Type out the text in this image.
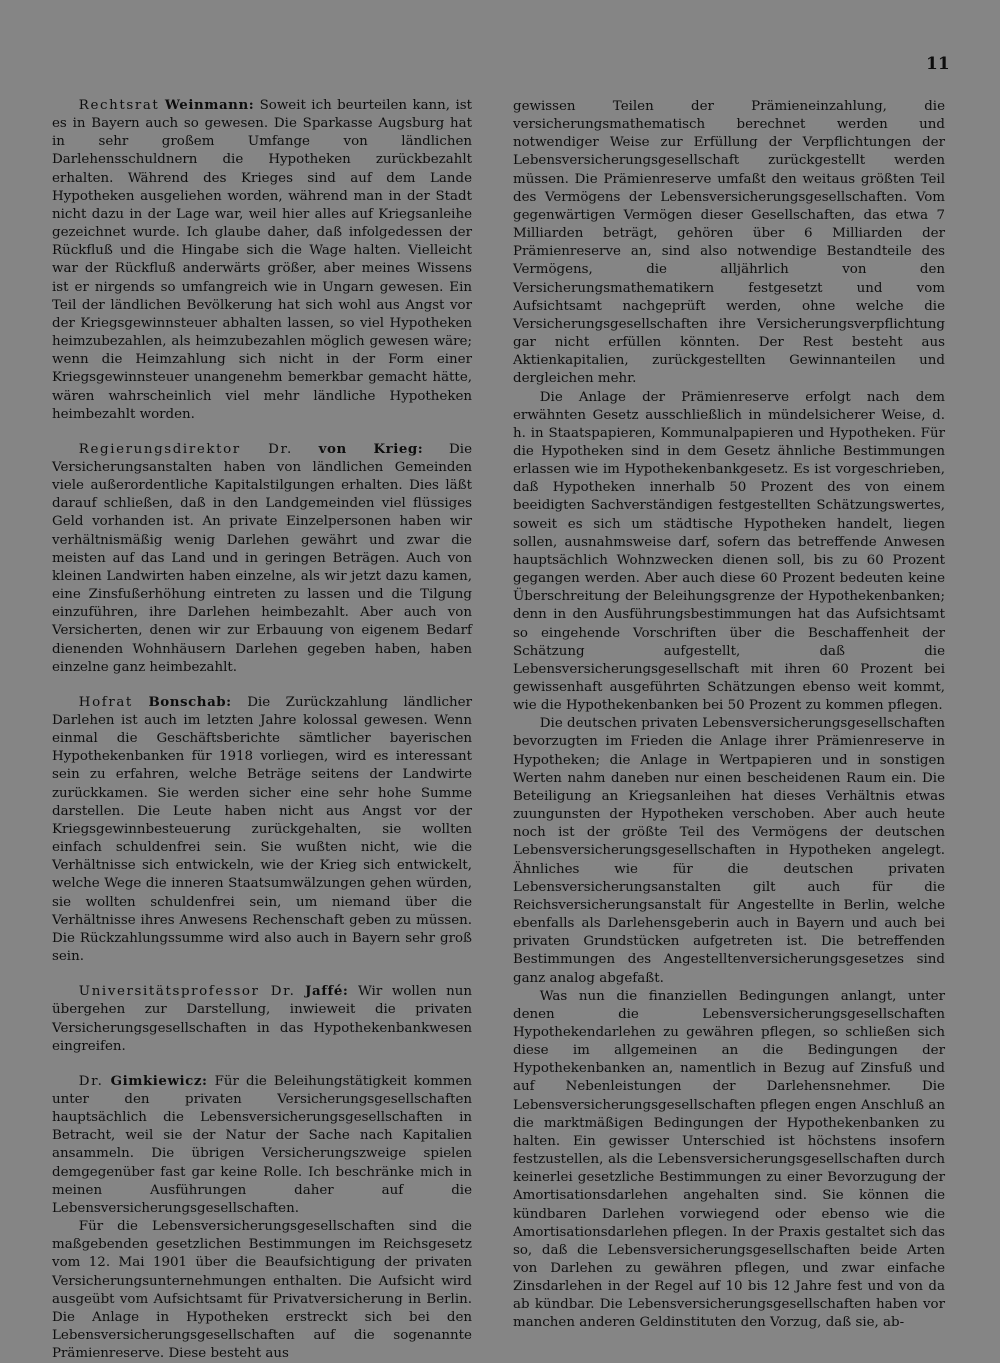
11

Rechtsrat Weinmann: Soweit ich beurteilen kann, ist es in Bayern auch so gewesen. Die Sparkasse Augsburg hat in sehr großem Umfange von ländlichen Darlehensschuldnern die Hypotheken zurückbezahlt erhalten. Während des Krieges sind auf dem Lande Hypotheken ausgeliehen worden, während man in der Stadt nicht dazu in der Lage war, weil hier alles auf Kriegsanleihe gezeichnet wurde. Ich glaube daher, daß infolgedessen der Rückfluß und die Hingabe sich die Wage halten. Vielleicht war der Rückfluß anderwärts größer, aber meines Wissens ist er nirgends so umfangreich wie in Ungarn gewesen. Ein Teil der ländlichen Bevölkerung hat sich wohl aus Angst vor der Kriegsgewinnsteuer abhalten lassen, so viel Hypotheken heimzubezahlen, als heimzubezahlen möglich gewesen wäre; wenn die Heimzahlung sich nicht in der Form einer Kriegsgewinnsteuer unangenehm bemerkbar gemacht hätte, wären wahrscheinlich viel mehr ländliche Hypotheken heimbezahlt worden.

Regierungsdirektor Dr. von Krieg: Die Versicherungsanstalten haben von ländlichen Gemeinden viele außerordentliche Kapitalstilgungen erhalten. Dies läßt darauf schließen, daß in den Landgemeinden viel flüssiges Geld vorhanden ist. An private Einzelpersonen haben wir verhältnismäßig wenig Darlehen gewährt und zwar die meisten auf das Land und in geringen Beträgen. Auch von kleinen Landwirten haben einzelne, als wir jetzt dazu kamen, eine Zinsfußerhöhung eintreten zu lassen und die Tilgung einzuführen, ihre Darlehen heimbezahlt. Aber auch von Versicherten, denen wir zur Erbauung von eigenem Bedarf dienenden Wohnhäusern Darlehen gegeben haben, haben einzelne ganz heimbezahlt.

Hofrat Bonschab: Die Zurückzahlung ländlicher Darlehen ist auch im letzten Jahre kolossal gewesen. Wenn einmal die Geschäftsberichte sämtlicher bayerischen Hypothekenbanken für 1918 vorliegen, wird es interessant sein zu erfahren, welche Beträge seitens der Landwirte zurückkamen. Sie werden sicher eine sehr hohe Summe darstellen. Die Leute haben nicht aus Angst vor der Kriegsgewinnbesteuerung zurückgehalten, sie wollten einfach schuldenfrei sein. Sie wußten nicht, wie die Verhältnisse sich entwickeln, wie der Krieg sich entwickelt, welche Wege die inneren Staatsumwälzungen gehen würden, sie wollten schuldenfrei sein, um niemand über die Verhältnisse ihres Anwesens Rechenschaft geben zu müssen. Die Rückzahlungssumme wird also auch in Bayern sehr groß sein.

Universitätsprofessor Dr. Jaffé: Wir wollen nun übergehen zur Darstellung, inwieweit die privaten Versicherungsgesellschaften in das Hypothekenbankwesen eingreifen.

Dr. Gimkiewicz: Für die Beleihungstätigkeit kommen unter den privaten Versicherungsgesellschaften hauptsächlich die Lebensversicherungsgesellschaften in Betracht, weil sie der Natur der Sache nach Kapitalien ansammeln. Die übrigen Versicherungszweige spielen demgegenüber fast gar keine Rolle. Ich beschränke mich in meinen Ausführungen daher auf die Lebensversicherungsgesellschaften.

Für die Lebensversicherungsgesellschaften sind die maßgebenden gesetzlichen Bestimmungen im Reichsgesetz vom 12. Mai 1901 über die Beaufsichtigung der privaten Versicherungsunternehmungen enthalten. Die Aufsicht wird ausgeübt vom Aufsichtsamt für Privatversicherung in Berlin. Die Anlage in Hypotheken erstreckt sich bei den Lebensversicherungsgesellschaften auf die sogenannte Prämienreserve. Diese besteht aus

gewissen Teilen der Prämieneinzahlung, die versicherungsmathematisch berechnet werden und notwendiger Weise zur Erfüllung der Verpflichtungen der Lebensversicherungsgesellschaft zurückgestellt werden müssen. Die Prämienreserve umfaßt den weitaus größten Teil des Vermögens der Lebensversicherungsgesellschaften. Vom gegenwärtigen Vermögen dieser Gesellschaften, das etwa 7 Milliarden beträgt, gehören über 6 Milliarden der Prämienreserve an, sind also notwendige Bestandteile des Vermögens, die alljährlich von den Versicherungsmathematikern festgesetzt und vom Aufsichtsamt nachgeprüft werden, ohne welche die Versicherungsgesellschaften ihre Versicherungsverpflichtung gar nicht erfüllen könnten. Der Rest besteht aus Aktienkapitalien, zurückgestellten Gewinnanteilen und dergleichen mehr.

Die Anlage der Prämienreserve erfolgt nach dem erwähnten Gesetz ausschließlich in mündelsicherer Weise, d. h. in Staatspapieren, Kommunalpapieren und Hypotheken. Für die Hypotheken sind in dem Gesetz ähnliche Bestimmungen erlassen wie im Hypothekenbankgesetz. Es ist vorgeschrieben, daß Hypotheken innerhalb 50 Prozent des von einem beeidigten Sachverständigen festgestellten Schätzungswertes, soweit es sich um städtische Hypotheken handelt, liegen sollen, ausnahmsweise darf, sofern das betreffende Anwesen hauptsächlich Wohnzwecken dienen soll, bis zu 60 Prozent gegangen werden. Aber auch diese 60 Prozent bedeuten keine Überschreitung der Beleihungsgrenze der Hypothekenbanken; denn in den Ausführungsbestimmungen hat das Aufsichtsamt so eingehende Vorschriften über die Beschaffenheit der Schätzung aufgestellt, daß die Lebensversicherungsgesellschaft mit ihren 60 Prozent bei gewissenhaft ausgeführten Schätzungen ebenso weit kommt, wie die Hypothekenbanken bei 50 Prozent zu kommen pflegen.

Die deutschen privaten Lebensversicherungsgesellschaften bevorzugten im Frieden die Anlage ihrer Prämienreserve in Hypotheken; die Anlage in Wertpapieren und in sonstigen Werten nahm daneben nur einen bescheidenen Raum ein. Die Beteiligung an Kriegsanleihen hat dieses Verhältnis etwas zuungunsten der Hypotheken verschoben. Aber auch heute noch ist der größte Teil des Vermögens der deutschen Lebensversicherungsgesellschaften in Hypotheken angelegt. Ähnliches wie für die deutschen privaten Lebensversicherungsanstalten gilt auch für die Reichsversicherungsanstalt für Angestellte in Berlin, welche ebenfalls als Darlehensgeberin auch in Bayern und auch bei privaten Grundstücken aufgetreten ist. Die betreffenden Bestimmungen des Angestelltenversicherungsgesetzes sind ganz analog abgefaßt.

Was nun die finanziellen Bedingungen anlangt, unter denen die Lebensversicherungsgesellschaften Hypothekendarlehen zu gewähren pflegen, so schließen sich diese im allgemeinen an die Bedingungen der Hypothekenbanken an, namentlich in Bezug auf Zinsfuß und auf Nebenleistungen der Darlehensnehmer. Die Lebensversicherungsgesellschaften pflegen engen Anschluß an die marktmäßigen Bedingungen der Hypothekenbanken zu halten. Ein gewisser Unterschied ist höchstens insofern festzustellen, als die Lebensversicherungsgesellschaften durch keinerlei gesetzliche Bestimmungen zu einer Bevorzugung der Amortisationsdarlehen angehalten sind. Sie können die kündbaren Darlehen vorwiegend oder ebenso wie die Amortisationsdarlehen pflegen. In der Praxis gestaltet sich das so, daß die Lebensversicherungsgesellschaften beide Arten von Darlehen zu gewähren pflegen, und zwar einfache Zinsdarlehen in der Regel auf 10 bis 12 Jahre fest und von da ab kündbar. Die Lebensversicherungsgesellschaften haben vor manchen anderen Geldinstituten den Vorzug, daß sie, ab-
